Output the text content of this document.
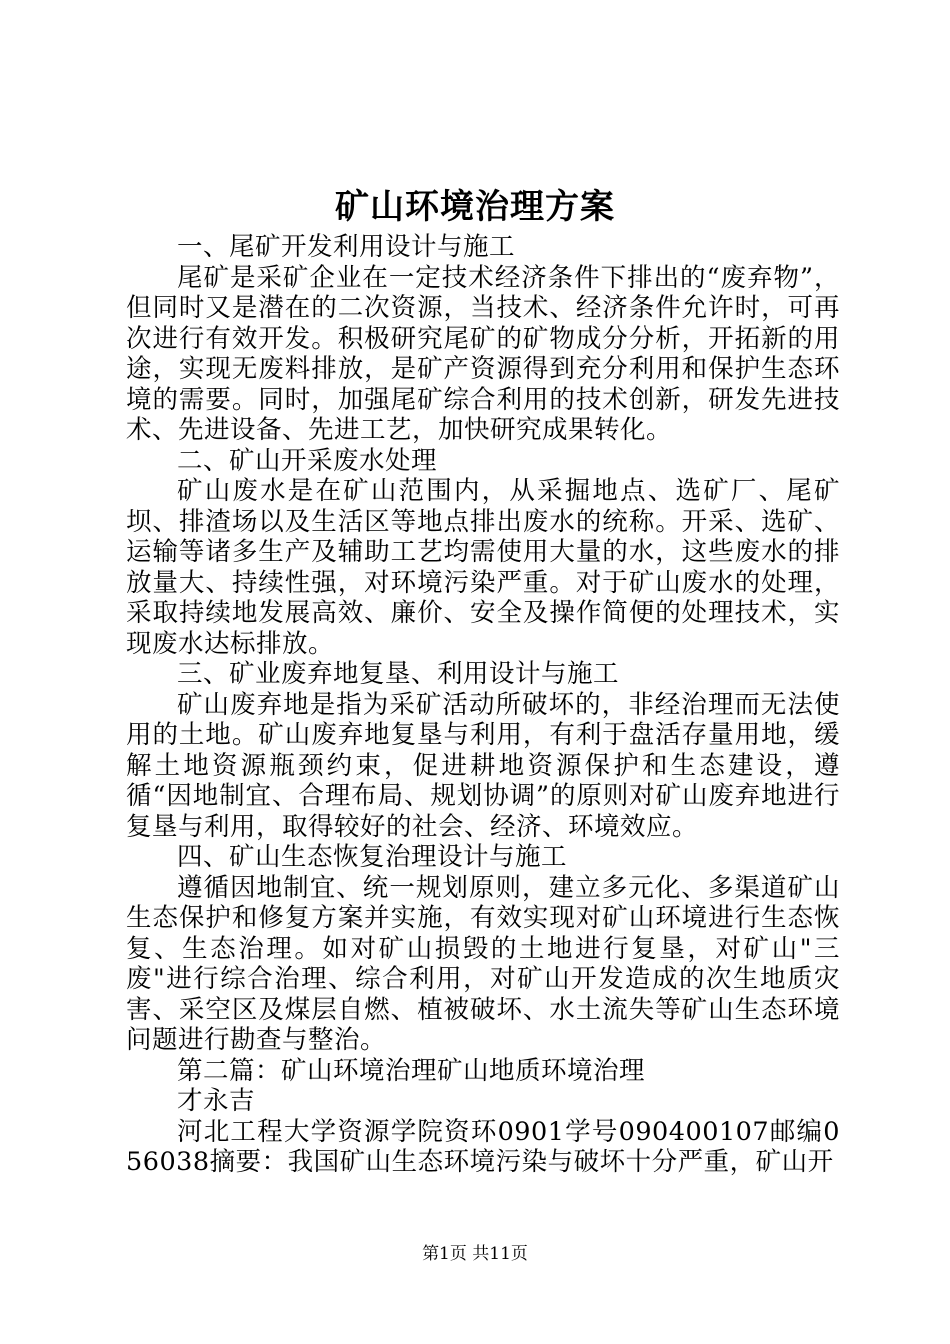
矿山环境治理方案

一、尾矿开发利用设计与施工

尾矿是采矿企业在一定技术经济条件下排出的“废弃物”，但同时又是潜在的二次资源，当技术、经济条件允许时，可再次进行有效开发。积极研究尾矿的矿物成分分析，开拓新的用途，实现无废料排放，是矿产资源得到充分利用和保护生态环境的需要。同时，加强尾矿综合利用的技术创新，研发先进技术、先进设备、先进工艺，加快研究成果转化。

二、矿山开采废水处理

矿山废水是在矿山范围内，从采掘地点、选矿厂、尾矿坝、排渣场以及生活区等地点排出废水的统称。开采、选矿、运输等诸多生产及辅助工艺均需使用大量的水，这些废水的排放量大、持续性强，对环境污染严重。对于矿山废水的处理，采取持续地发展高效、廉价、安全及操作简便的处理技术，实现废水达标排放。

三、矿业废弃地复垦、利用设计与施工

矿山废弃地是指为采矿活动所破坏的，非经治理而无法使用的土地。矿山废弃地复垦与利用，有利于盘活存量用地，缓解土地资源瓶颈约束，促进耕地资源保护和生态建设，遵循“因地制宜、合理布局、规划协调”的原则对矿山废弃地进行复垦与利用，取得较好的社会、经济、环境效应。

四、矿山生态恢复治理设计与施工

遵循因地制宜、统一规划原则，建立多元化、多渠道矿山生态保护和修复方案并实施，有效实现对矿山环境进行生态恢复、生态治理。如对矿山损毁的土地进行复垦，对矿山"三废"进行综合治理、综合利用，对矿山开发造成的次生地质灾害、采空区及煤层自燃、植被破坏、水土流失等矿山生态环境问题进行勘查与整治。

第二篇：矿山环境治理矿山地质环境治理

才永吉

河北工程大学资源学院资环0901学号090400107邮编056038摘要：我国矿山生态环境污染与破坏十分严重，矿山开

第1页 共11页
